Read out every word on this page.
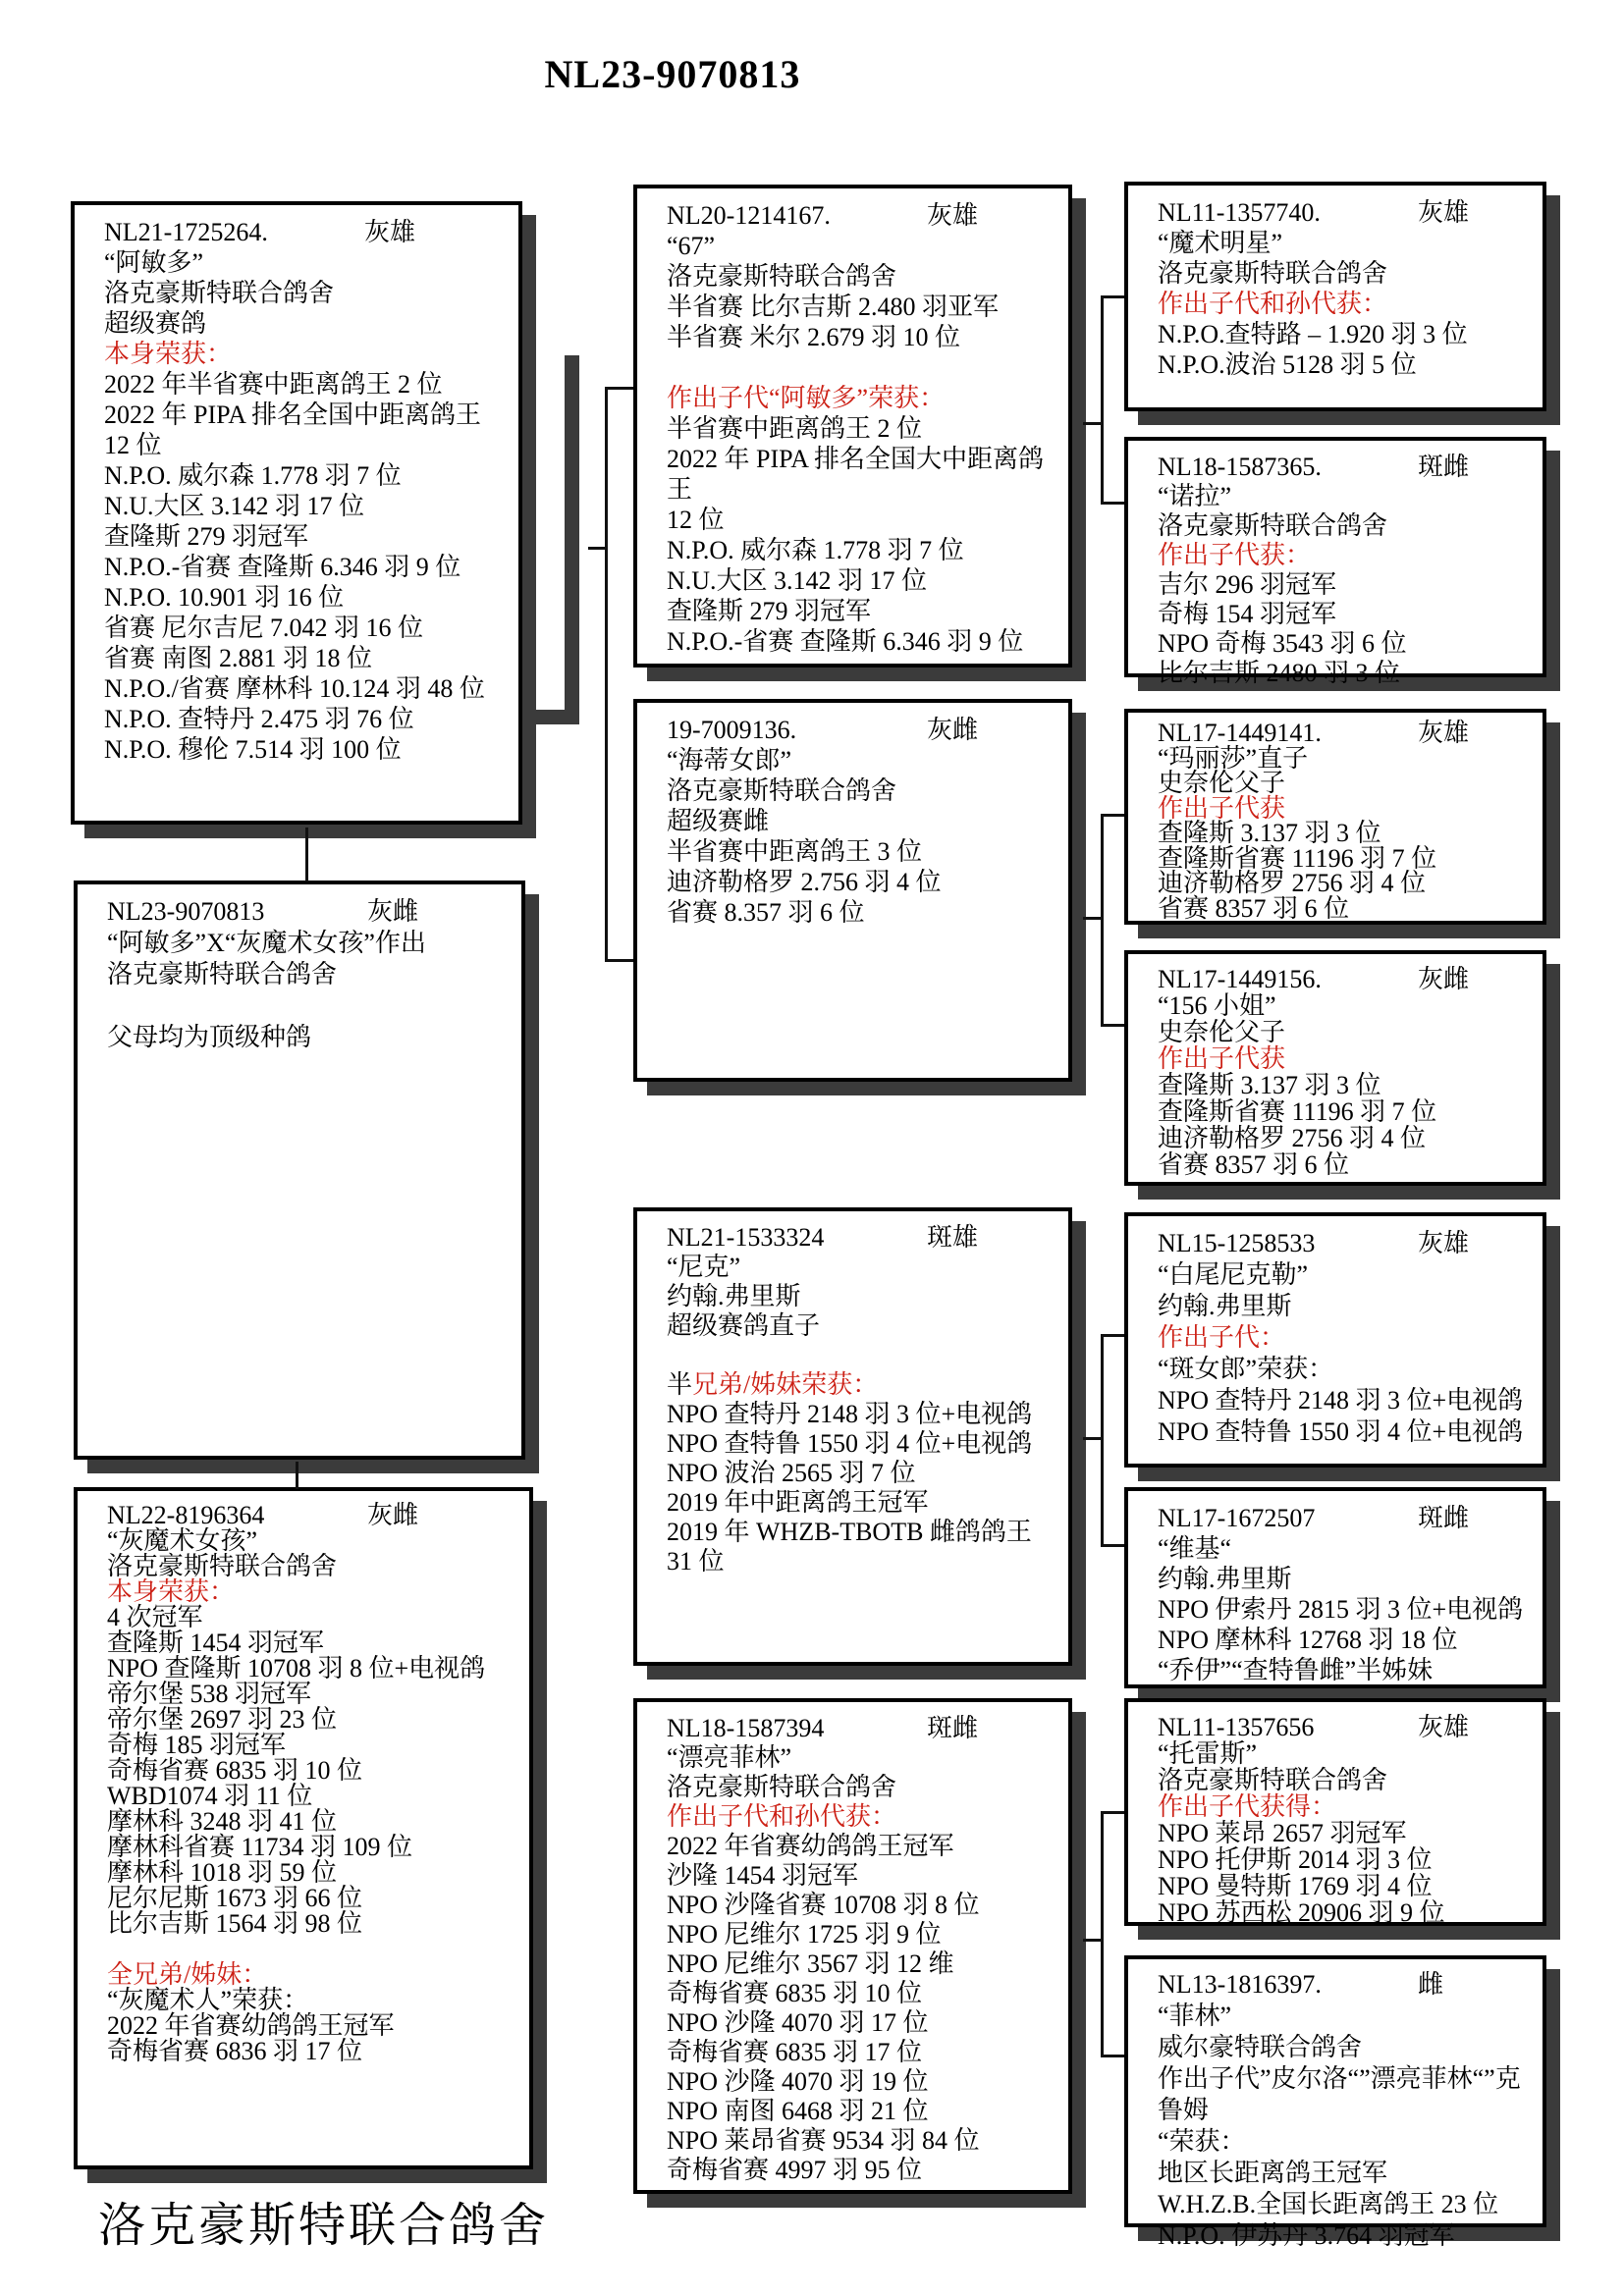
NL23-9070813
NL21-1725264.	灰雄
“阿敏多”
洛克豪斯特联合鸽舍
超级赛鸽
本身荣获：
2022 年半省赛中距离鸽王 2 位
2022 年 PIPA 排名全国中距离鸽王 12 位
N.P.O. 威尔森 1.778 羽 7 位
N.U.大区 3.142 羽 17 位
查隆斯 279 羽冠军
N.P.O.-省赛 查隆斯 6.346 羽 9 位
N.P.O. 10.901 羽 16 位
省赛 尼尔吉尼 7.042 羽 16 位
省赛 南图 2.881 羽 18 位
N.P.O./省赛 摩林科 10.124 羽 48 位
N.P.O. 查特丹 2.475 羽 76 位
N.P.O. 穆伦 7.514 羽 100 位
NL23-9070813	灰雌
“阿敏多”X“灰魔术女孩”作出
洛克豪斯特联合鸽舍

父母均为顶级种鸽
NL22-8196364	灰雌
“灰魔术女孩”
洛克豪斯特联合鸽舍
本身荣获：
4 次冠军
查隆斯 1454 羽冠军
NPO 查隆斯 10708 羽 8 位+电视鸽
帝尔堡 538 羽冠军
帝尔堡 2697 羽 23 位
奇梅 185 羽冠军
奇梅省赛 6835 羽 10 位
WBD1074 羽 11 位
摩林科 3248 羽 41 位
摩林科省赛 11734 羽 109 位
摩林科 1018 羽 59 位
尼尔尼斯 1673 羽 66 位
比尔吉斯 1564 羽 98 位

全兄弟/姊妹：
“灰魔术人”荣获：
2022 年省赛幼鸽鸽王冠军
奇梅省赛 6836 羽 17 位
NL20-1214167.	灰雄
“67”
洛克豪斯特联合鸽舍
半省赛 比尔吉斯 2.480 羽亚军
半省赛 米尔 2.679 羽 10 位

作出子代“阿敏多”荣获：
半省赛中距离鸽王 2 位
2022 年 PIPA 排名全国大中距离鸽王
12 位
N.P.O. 威尔森 1.778 羽 7 位
N.U.大区 3.142 羽 17 位
查隆斯 279 羽冠军
N.P.O.-省赛 查隆斯 6.346 羽 9 位
19-7009136.	灰雌
“海蒂女郎”
洛克豪斯特联合鸽舍
超级赛雌
半省赛中距离鸽王 3 位
迪济勒格罗 2.756 羽 4 位
省赛 8.357 羽 6 位
NL21-1533324	斑雄
“尼克”
约翰.弗里斯
超级赛鸽直子

半兄弟/姊妹荣获：
NPO 查特丹 2148 羽 3 位+电视鸽
NPO 查特鲁 1550 羽 4 位+电视鸽
NPO 波治 2565 羽 7 位
2019 年中距离鸽王冠军
2019 年 WHZB-TBOTB 雌鸽鸽王 31 位
NL18-1587394	斑雌
“漂亮菲林”
洛克豪斯特联合鸽舍
作出子代和孙代获：
2022 年省赛幼鸽鸽王冠军
沙隆 1454 羽冠军
NPO 沙隆省赛 10708 羽 8 位
NPO 尼维尔 1725 羽 9 位
NPO 尼维尔 3567 羽 12 维
奇梅省赛 6835 羽 10 位
NPO 沙隆 4070 羽 17 位
奇梅省赛 6835 羽 17 位
NPO 沙隆 4070 羽 19 位
NPO 南图 6468 羽 21 位
NPO 莱昂省赛 9534 羽 84 位
奇梅省赛 4997 羽 95 位
NL11-1357740.	灰雄
“魔术明星”
洛克豪斯特联合鸽舍
作出子代和孙代获：
N.P.O.查特路 – 1.920 羽 3 位
N.P.O.波治 5128 羽 5 位
NL18-1587365.	斑雌
“诺拉”
洛克豪斯特联合鸽舍
作出子代获：
吉尔 296 羽冠军
奇梅 154 羽冠军
NPO 奇梅 3543 羽 6 位
比尔吉斯 2480 羽 3 位
NL17-1449141.	灰雄
“玛丽莎”直子
史奈伦父子
作出子代获
查隆斯 3.137 羽 3 位
查隆斯省赛 11196 羽 7 位
迪济勒格罗 2756 羽 4 位
省赛 8357 羽 6 位
NL17-1449156.	灰雌
“156 小姐”
史奈伦父子
作出子代获
查隆斯 3.137 羽 3 位
查隆斯省赛 11196 羽 7 位
迪济勒格罗 2756 羽 4 位
省赛 8357 羽 6 位
NL15-1258533	灰雄
“白尾尼克勒”
约翰.弗里斯
作出子代：
“斑女郎”荣获：
NPO 查特丹 2148 羽 3 位+电视鸽
NPO 查特鲁 1550 羽 4 位+电视鸽
NL17-1672507	斑雌
“维基“
约翰.弗里斯
NPO 伊索丹 2815 羽 3 位+电视鸽
NPO 摩林科 12768 羽 18 位
“乔伊”“查特鲁雌”半姊妹
NL11-1357656	灰雄
“托雷斯”
洛克豪斯特联合鸽舍
作出子代获得：
NPO 莱昂 2657 羽冠军
NPO 托伊斯 2014 羽 3 位
NPO 曼特斯 1769 羽 4 位
NPO 苏西松 20906 羽 9 位
NL13-1816397.	雌
“菲林”
威尔豪特联合鸽舍
作出子代”皮尔洛“”漂亮菲林“”克鲁姆
“荣获：
地区长距离鸽王冠军
W.H.Z.B.全国长距离鸽王 23 位
N.P.O. 伊苏丹 3.764 羽冠军
洛克豪斯特联合鸽舍
